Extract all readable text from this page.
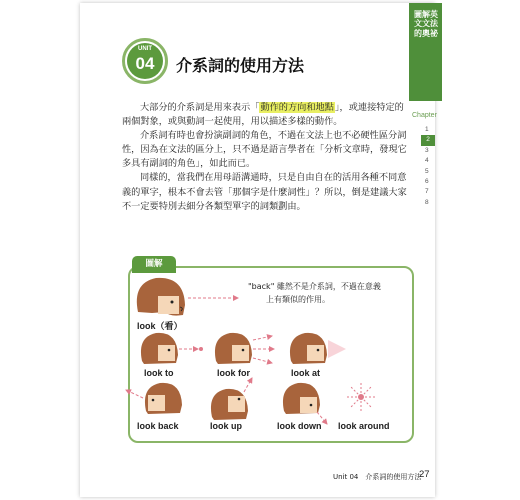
圖解英文文法的奧祕
Chapter
1
2
3
4
5
6
7
8
UNIT
04	介系詞的使用方法

大部分的介系詞是用來表示「動作的方向和地點」，或連接特定的兩個對象，或與動詞一起使用，用以描述多樣的動作。

介系詞有時也會扮演副詞的角色，不過在文法上也不必硬性區分詞性，因為在文法的區分上，只不過是語言學者在「分析文章時，發現它多具有副詞的角色」，如此而已。

同樣的，當我們在用母語溝通時，只是自由自在的活用各種不同意義的單字，根本不會去管「那個字是什麼詞性」？所以，倒是建議大家不一定要特別去細分各類型單字的詞類劃由。

圖解
"back" 雖然不是介系詞，不過在意義
上有類似的作用。
look（看）
look to	look for	look at
look back	look up	look down look around
Unit 04　介系詞的使用方法
27
